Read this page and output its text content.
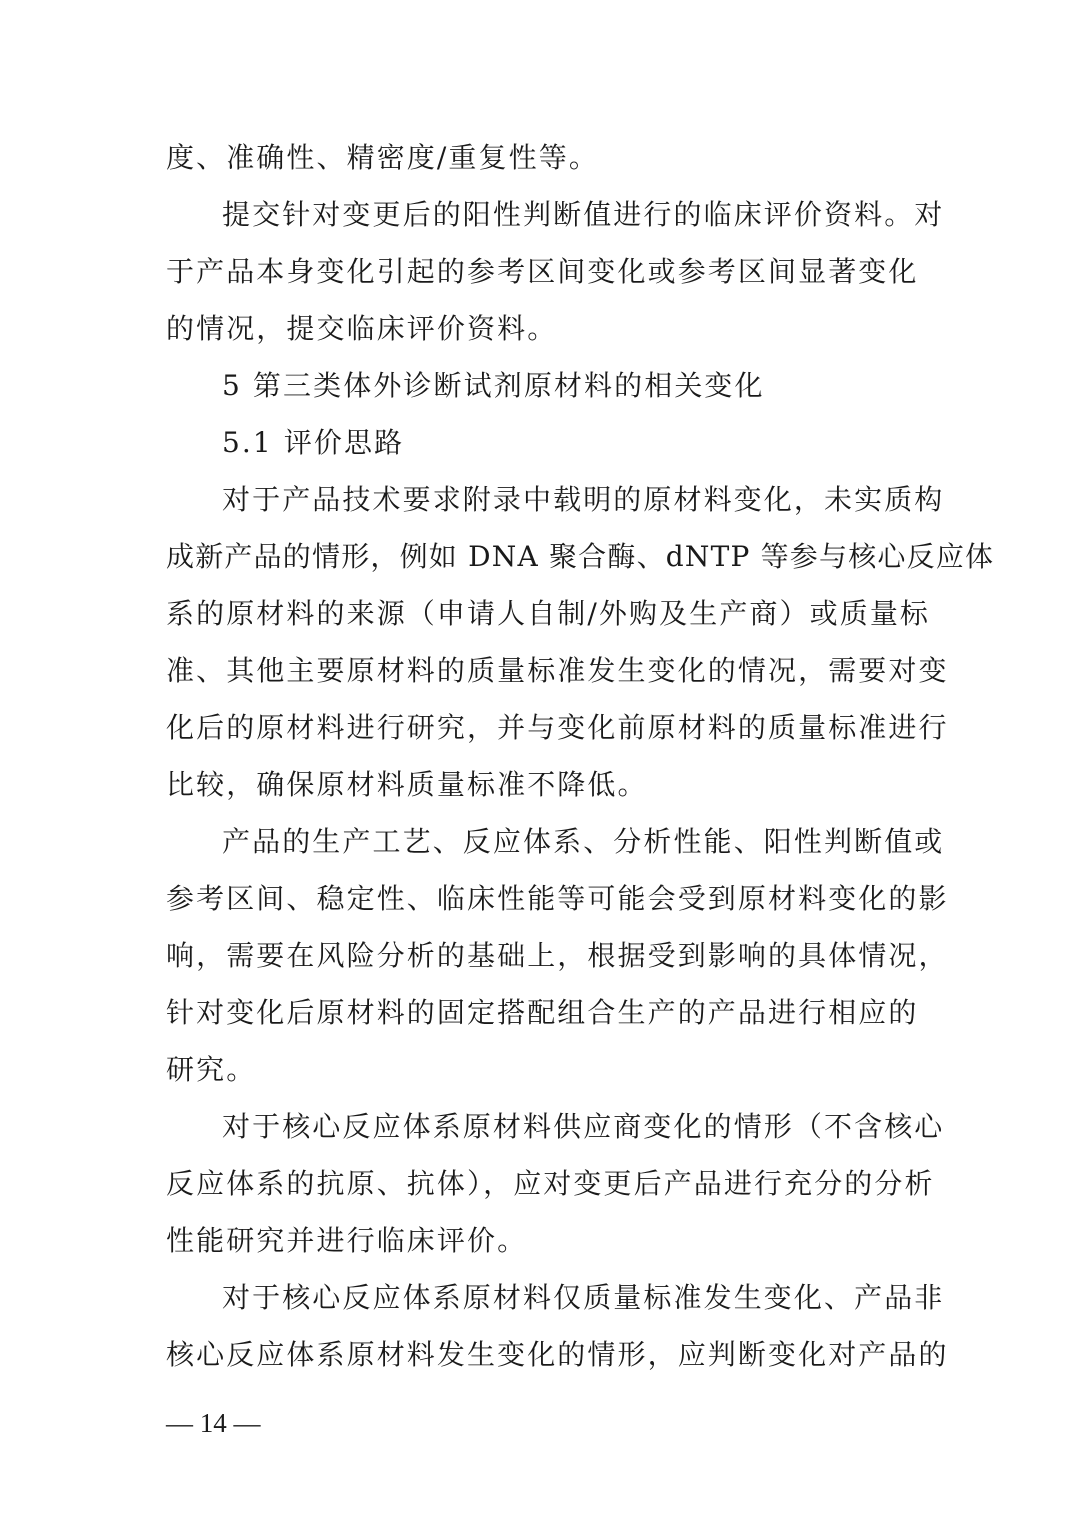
度、准确性、精密度/重复性等。
提交针对变更后的阳性判断值进行的临床评价资料。对
于产品本身变化引起的参考区间变化或参考区间显著变化
的情况，提交临床评价资料。
5 第三类体外诊断试剂原材料的相关变化
5.1 评价思路
对于产品技术要求附录中载明的原材料变化，未实质构
成新产品的情形，例如 DNA 聚合酶、dNTP 等参与核心反应体
系的原材料的来源（申请人自制/外购及生产商）或质量标
准、其他主要原材料的质量标准发生变化的情况，需要对变
化后的原材料进行研究，并与变化前原材料的质量标准进行
比较，确保原材料质量标准不降低。
产品的生产工艺、反应体系、分析性能、阳性判断值或
参考区间、稳定性、临床性能等可能会受到原材料变化的影
响，需要在风险分析的基础上，根据受到影响的具体情况，
针对变化后原材料的固定搭配组合生产的产品进行相应的
研究。
对于核心反应体系原材料供应商变化的情形（不含核心
反应体系的抗原、抗体），应对变更后产品进行充分的分析
性能研究并进行临床评价。
对于核心反应体系原材料仅质量标准发生变化、产品非
核心反应体系原材料发生变化的情形，应判断变化对产品的
— 14 —
